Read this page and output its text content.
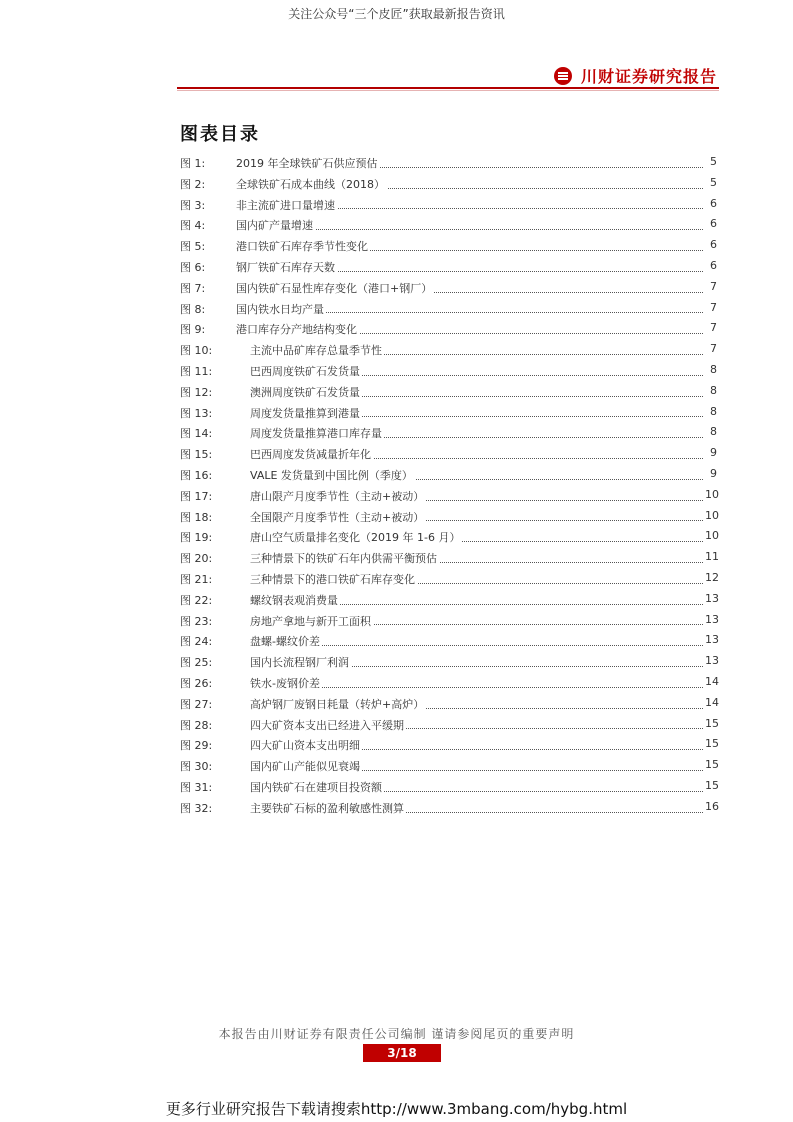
关注公众号“三个皮匠”获取最新报告资讯
川财证券研究报告
图表目录
图 1:	2019 年全球铁矿石供应预估	5
图 2:	全球铁矿石成本曲线（2018）	5
图 3:	非主流矿进口量增速	6
图 4:	国内矿产量增速	6
图 5:	港口铁矿石库存季节性变化	6
图 6:	钢厂铁矿石库存天数	6
图 7:	国内铁矿石显性库存变化（港口+钢厂）	7
图 8:	国内铁水日均产量	7
图 9:	港口库存分产地结构变化	7
图 10:	主流中品矿库存总量季节性	7
图 11:	巴西周度铁矿石发货量	8
图 12:	澳洲周度铁矿石发货量	8
图 13:	周度发货量推算到港量	8
图 14:	周度发货量推算港口库存量	8
图 15:	巴西周度发货减量折年化	9
图 16:	VALE 发货量到中国比例（季度）	9
图 17:	唐山限产月度季节性（主动+被动）	10
图 18:	全国限产月度季节性（主动+被动）	10
图 19:	唐山空气质量排名变化（2019 年 1-6 月）	10
图 20:	三种情景下的铁矿石年内供需平衡预估	11
图 21:	三种情景下的港口铁矿石库存变化	12
图 22:	螺纹钢表观消费量	13
图 23:	房地产拿地与新开工面积	13
图 24:	盘螺-螺纹价差	13
图 25:	国内长流程钢厂利润	13
图 26:	铁水-废钢价差	14
图 27:	高炉钢厂废钢日耗量（转炉+高炉）	14
图 28:	四大矿资本支出已经进入平缓期	15
图 29:	四大矿山资本支出明细	15
图 30:	国内矿山产能似见衰竭	15
图 31:	国内铁矿石在建项目投资额	15
图 32:	主要铁矿石标的盈利敏感性测算	16
本报告由川财证券有限责任公司编制 谨请参阅尾页的重要声明
3/18
更多行业研究报告下载请搜索http://www.3mbang.com/hybg.html
